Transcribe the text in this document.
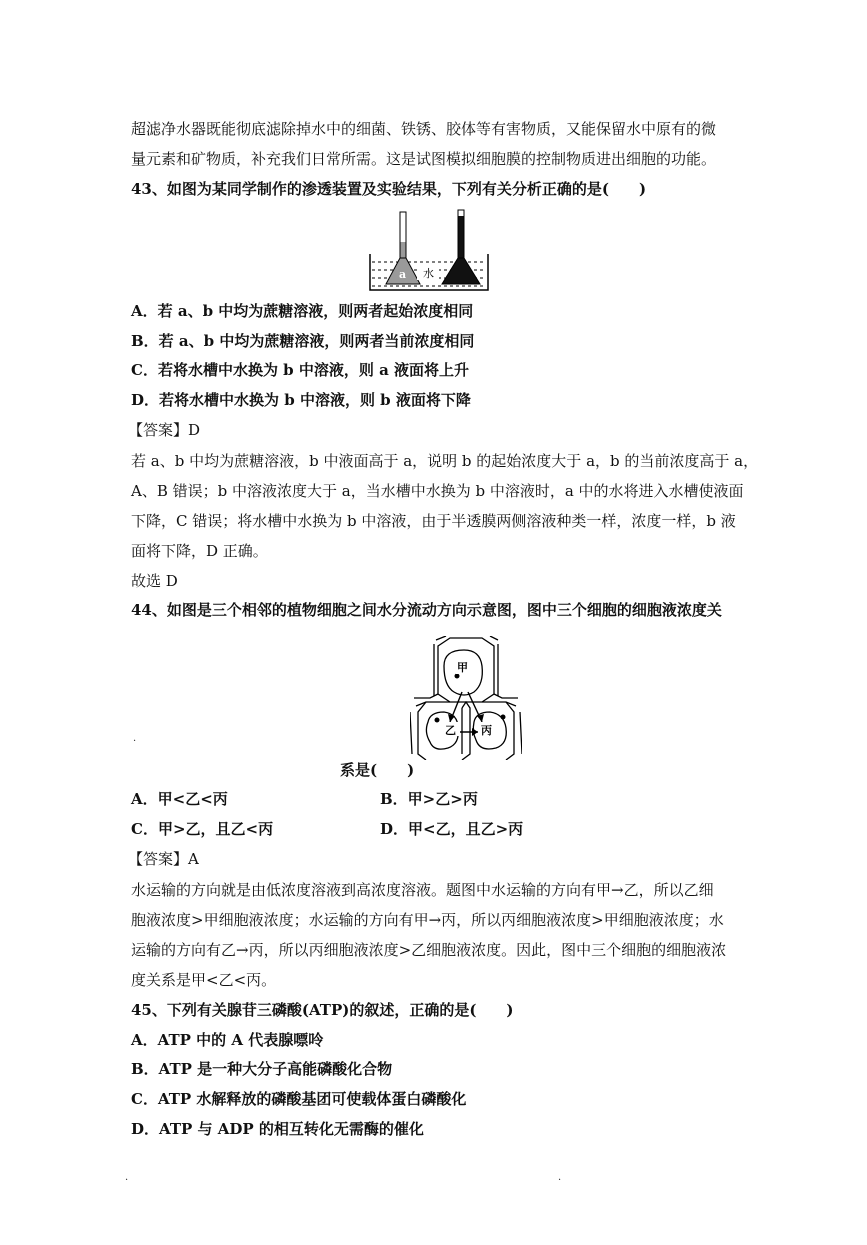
超滤净水器既能彻底滤除掉水中的细菌、铁锈、胶体等有害物质，又能保留水中原有的微
量元素和矿物质，补充我们日常所需。这是试图模拟细胞膜的控制物质进出细胞的功能。
43、如图为某同学制作的渗透装置及实验结果，下列有关分析正确的是(　　)
a 水
A．若 a、b 中均为蔗糖溶液，则两者起始浓度相同
B．若 a、b 中均为蔗糖溶液，则两者当前浓度相同
C．若将水槽中水换为 b 中溶液，则 a 液面将上升
D．若将水槽中水换为 b 中溶液，则 b 液面将下降
【答案】D
若 a、b 中均为蔗糖溶液，b 中液面高于 a，说明 b 的起始浓度大于 a，b 的当前浓度高于 a，
A、B 错误；b 中溶液浓度大于 a，当水槽中水换为 b 中溶液时，a 中的水将进入水槽使液面
下降，C 错误；将水槽中水换为 b 中溶液，由于半透膜两侧溶液种类一样，浓度一样，b 液
面将下降，D 正确。
故选 D
44、如图是三个相邻的植物细胞之间水分流动方向示意图，图中三个细胞的细胞液浓度关
甲
乙 丙
系是(　　)
A．甲<乙<丙	B．甲>乙>丙
C．甲>乙，且乙<丙	D．甲<乙，且乙>丙
【答案】A
水运输的方向就是由低浓度溶液到高浓度溶液。题图中水运输的方向有甲→乙，所以乙细
胞液浓度>甲细胞液浓度；水运输的方向有甲→丙，所以丙细胞液浓度>甲细胞液浓度；水
运输的方向有乙→丙，所以丙细胞液浓度>乙细胞液浓度。因此，图中三个细胞的细胞液浓
度关系是甲<乙<丙。
45、下列有关腺苷三磷酸(ATP)的叙述，正确的是(　　)
A．ATP 中的 A 代表腺嘌呤
B．ATP 是一种大分子高能磷酸化合物
C．ATP 水解释放的磷酸基团可使载体蛋白磷酸化
D．ATP 与 ADP 的相互转化无需酶的催化
·
·	·
